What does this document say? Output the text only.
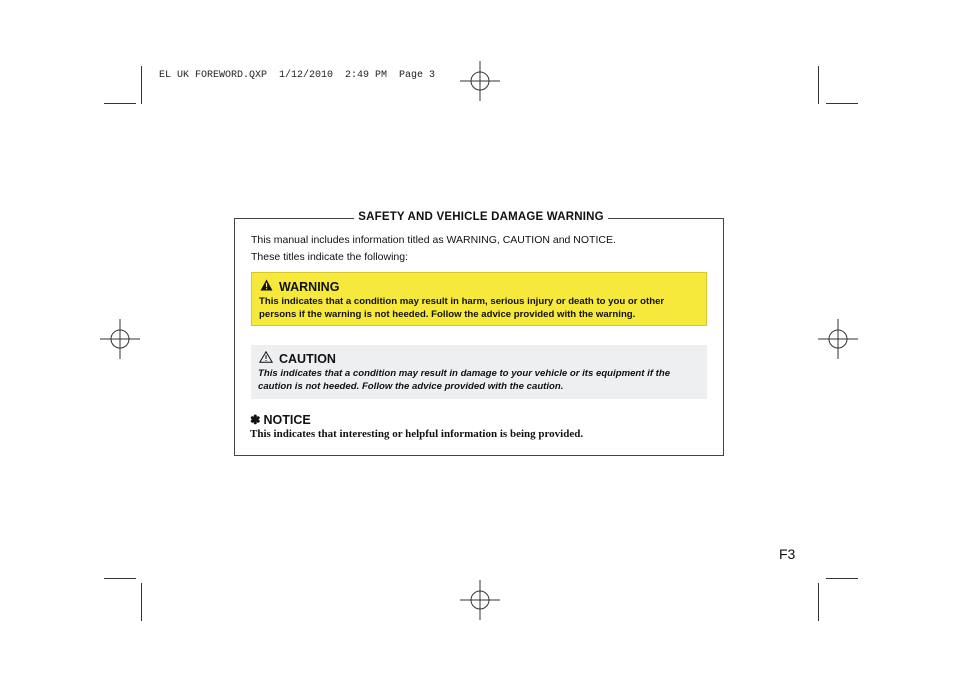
EL UK FOREWORD.QXP  1/12/2010  2:49 PM  Page 3
SAFETY AND VEHICLE DAMAGE WARNING
This manual includes information titled as WARNING, CAUTION and NOTICE.
These titles indicate the following:
WARNING
This indicates that a condition may result in harm, serious injury or death to you or other persons if the warning is not heeded. Follow the advice provided with the warning.
CAUTION
This indicates that a condition may result in damage to your vehicle or its equipment if the caution is not heeded. Follow the advice provided with the caution.
✽ NOTICE
This indicates that interesting or helpful information is being provided.
F3
